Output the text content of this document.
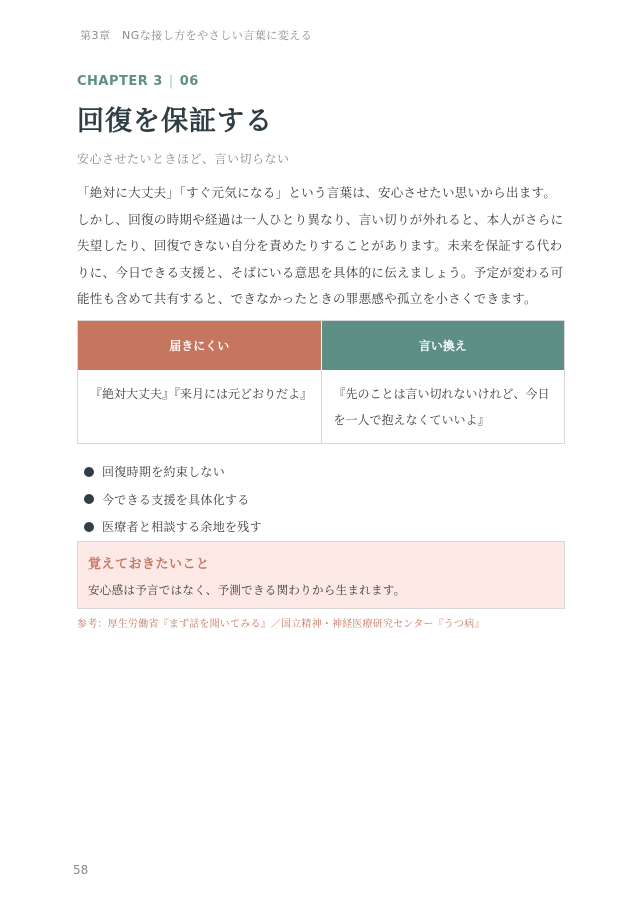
第3章　NGな接し方をやさしい言葉に変える
CHAPTER 3 | 06
回復を保証する
安心させたいときほど、言い切らない
「絶対に大丈夫」「すぐ元気になる」という言葉は、安心させたい思いから出ます。
しかし、回復の時期や経過は一人ひとり異なり、言い切りが外れると、本人がさらに
失望したり、回復できない自分を責めたりすることがあります。未来を保証する代わ
りに、今日できる支援と、そばにいる意思を具体的に伝えましょう。予定が変わる可
能性も含めて共有すると、できなかったときの罪悪感や孤立を小さくできます。
届きにくい	言い換え
『絶対大丈夫』『来月には元どおりだよ』	『先のことは言い切れないけれど、今日を一人で抱えなくていいよ』
回復時期を約束しない
今できる支援を具体化する
医療者と相談する余地を残す
覚えておきたいこと
安心感は予言ではなく、予測できる関わりから生まれます。
参考：厚生労働省『まず話を聞いてみる』／国立精神・神経医療研究センター『うつ病』
58
